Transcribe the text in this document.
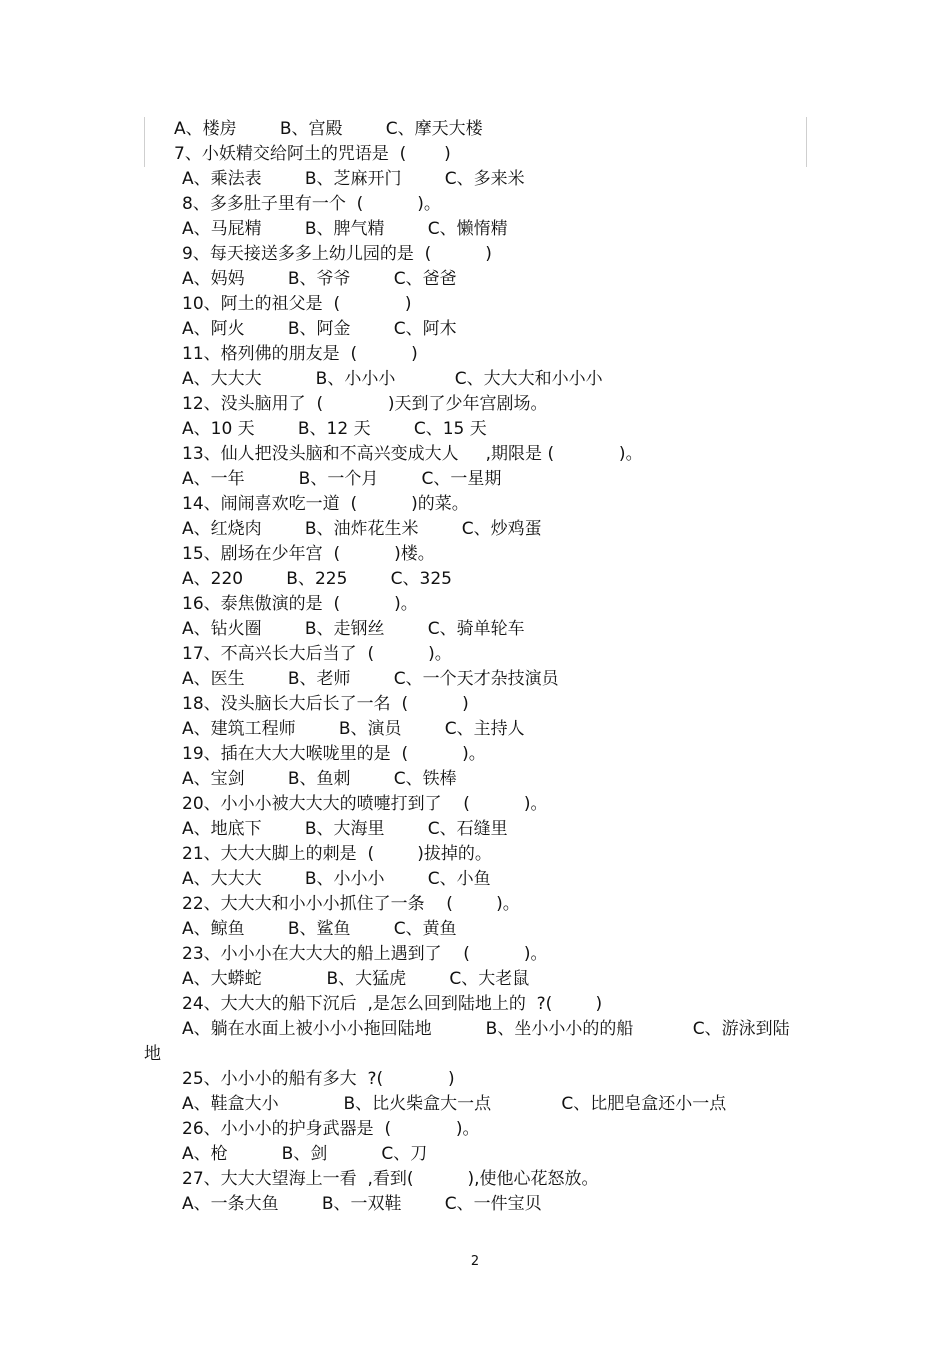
A、楼房        B、宫殿        C、摩天大楼
7、小妖精交给阿土的咒语是  (       )
A、乘法表        B、芝麻开门        C、多来米
8、多多肚子里有一个  (          )。
A、马屁精        B、脾气精        C、懒惰精
9、每天接送多多上幼儿园的是  (          )
A、妈妈        B、爷爷        C、爸爸
10、阿土的祖父是  (            )
A、阿火        B、阿金        C、阿木
11、格列佛的朋友是  (          )
A、大大大          B、小小小           C、大大大和小小小
12、没头脑用了  (            )天到了少年宫剧场。
A、10 天        B、12 天        C、15 天
13、仙人把没头脑和不高兴变成大人     ,期限是 (            )。
A、一年          B、一个月        C、一星期
14、闹闹喜欢吃一道  (          )的菜。
A、红烧肉        B、油炸花生米        C、炒鸡蛋
15、剧场在少年宫  (          )楼。
A、220        B、225        C、325
16、泰焦傲演的是  (          )。
A、钻火圈        B、走钢丝        C、骑单轮车
17、不高兴长大后当了  (          )。
A、医生        B、老师        C、一个天才杂技演员
18、没头脑长大后长了一名  (          )
A、建筑工程师        B、演员        C、主持人
19、插在大大大喉咙里的是  (          )。
A、宝剑        B、鱼刺        C、铁棒
20、小小小被大大大的喷嚏打到了    (          )。
A、地底下        B、大海里        C、石缝里
21、大大大脚上的刺是  (        )拔掉的。
A、大大大        B、小小小        C、小鱼
22、大大大和小小小抓住了一条    (        )。
A、鲸鱼        B、鲨鱼        C、黄鱼
23、小小小在大大大的船上遇到了    (          )。
A、大蟒蛇            B、大猛虎        C、大老鼠
24、大大大的船下沉后  ,是怎么回到陆地上的  ?(        )
A、躺在水面上被小小小拖回陆地          B、坐小小小的的船           C、游泳到陆
地
25、小小小的船有多大  ?(            )
A、鞋盒大小            B、比火柴盒大一点             C、比肥皂盒还小一点
26、小小小的护身武器是  (            )。
A、枪          B、剑          C、刀
27、大大大望海上一看  ,看到(          ),使他心花怒放。
A、一条大鱼        B、一双鞋        C、一件宝贝
2
